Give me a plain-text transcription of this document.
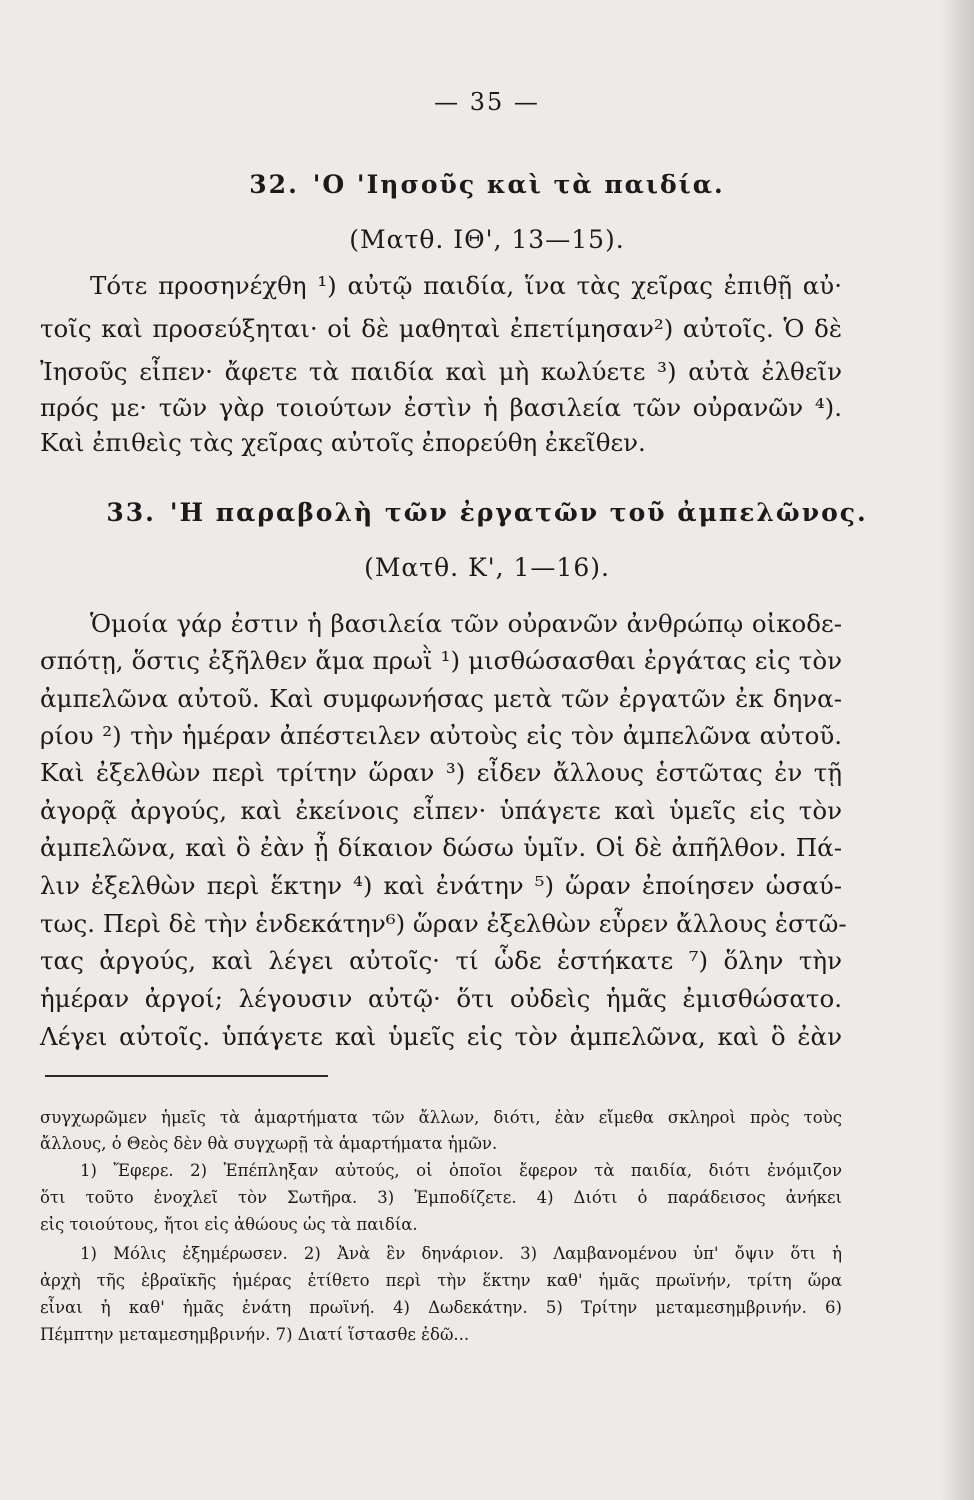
— 35 —
32. 'Ο 'Ιησοῦς καὶ τὰ παιδία.
(Ματθ. ΙΘ', 13—15).
Τότε προσηνέχθη ¹) αὐτῷ παιδία, ἵνα τὰς χεῖρας ἐπιθῇ αὐ·
τοῖς καὶ προσεύξηται· οἱ δὲ μαθηταὶ ἐπετίμησαν²) αὐτοῖς. Ὁ δὲ
Ἰησοῦς εἶπεν· ἄφετε τὰ παιδία καὶ μὴ κωλύετε ³) αὐτὰ ἐλθεῖν
πρός με· τῶν γὰρ τοιούτων ἐστὶν ἡ βασιλεία τῶν οὐρανῶν ⁴).
Καὶ ἐπιθεὶς τὰς χεῖρας αὐτοῖς ἐπορεύθη ἐκεῖθεν.
33. 'Η παραβολὴ τῶν ἐργατῶν τοῦ ἀμπελῶνος.
(Ματθ. Κ', 1—16).
Ὁμοία γάρ ἐστιν ἡ βασιλεία τῶν οὐρανῶν ἀνθρώπῳ οἰκοδε-
σπότῃ, ὅστις ἐξῆλθεν ἅμα πρωῒ ¹) μισθώσασθαι ἐργάτας εἰς τὸν
ἀμπελῶνα αὐτοῦ. Καὶ συμφωνήσας μετὰ τῶν ἐργατῶν ἐκ δηνα-
ρίου ²) τὴν ἡμέραν ἀπέστειλεν αὐτοὺς εἰς τὸν ἀμπελῶνα αὐτοῦ.
Καὶ ἐξελθὼν περὶ τρίτην ὥραν ³) εἶδεν ἄλλους ἑστῶτας ἐν τῇ
ἀγορᾷ ἀργούς, καὶ ἐκείνοις εἶπεν· ὑπάγετε καὶ ὑμεῖς εἰς τὸν
ἀμπελῶνα, καὶ ὃ ἐὰν ᾖ δίκαιον δώσω ὑμῖν. Οἱ δὲ ἀπῆλθον. Πά-
λιν ἐξελθὼν περὶ ἕκτην ⁴) καὶ ἐνάτην ⁵) ὥραν ἐποίησεν ὡσαύ-
τως. Περὶ δὲ τὴν ἑνδεκάτην⁶) ὥραν ἐξελθὼν εὗρεν ἄλλους ἑστῶ-
τας ἀργούς, καὶ λέγει αὐτοῖς· τί ὧδε ἑστήκατε ⁷) ὅλην τὴν
ἡμέραν ἀργοί; λέγουσιν αὐτῷ· ὅτι οὐδεὶς ἡμᾶς ἐμισθώσατο.
Λέγει αὐτοῖς. ὑπάγετε καὶ ὑμεῖς εἰς τὸν ἀμπελῶνα, καὶ ὃ ἐὰν
συγχωρῶμεν ἡμεῖς τὰ ἁμαρτήματα τῶν ἄλλων, διότι, ἐὰν εἴμεθα σκληροὶ πρὸς τοὺς
ἄλλους, ὁ Θεὸς δὲν θὰ συγχωρῇ τὰ ἁμαρτήματα ἡμῶν.
1) Ἔφερε. 2) Ἐπέπληξαν αὐτούς, οἱ ὁποῖοι ἔφερον τὰ παιδία, διότι ἐνόμιζον
ὅτι τοῦτο ἐνοχλεῖ τὸν Σωτῆρα. 3) Ἐμποδίζετε. 4) Διότι ὁ παράδεισος ἀνήκει
εἰς τοιούτους, ἤτοι εἰς ἀθώους ὡς τὰ παιδία.
1) Μόλις ἐξημέρωσεν. 2) Ἀνὰ ἓν δηνάριον. 3) Λαμβανομένου ὑπ' ὄψιν ὅτι ἡ
ἀρχὴ τῆς ἑβραϊκῆς ἡμέρας ἐτίθετο περὶ τὴν ἕκτην καθ' ἡμᾶς πρωϊνήν, τρίτη ὥρα
εἶναι ἡ καθ' ἡμᾶς ἐνάτη πρωϊνή. 4) Δωδεκάτην. 5) Τρίτην μεταμεσημβρινήν. 6)
Πέμπτην μεταμεσημβρινήν. 7) Διατί ἵστασθε ἐδῶ...
